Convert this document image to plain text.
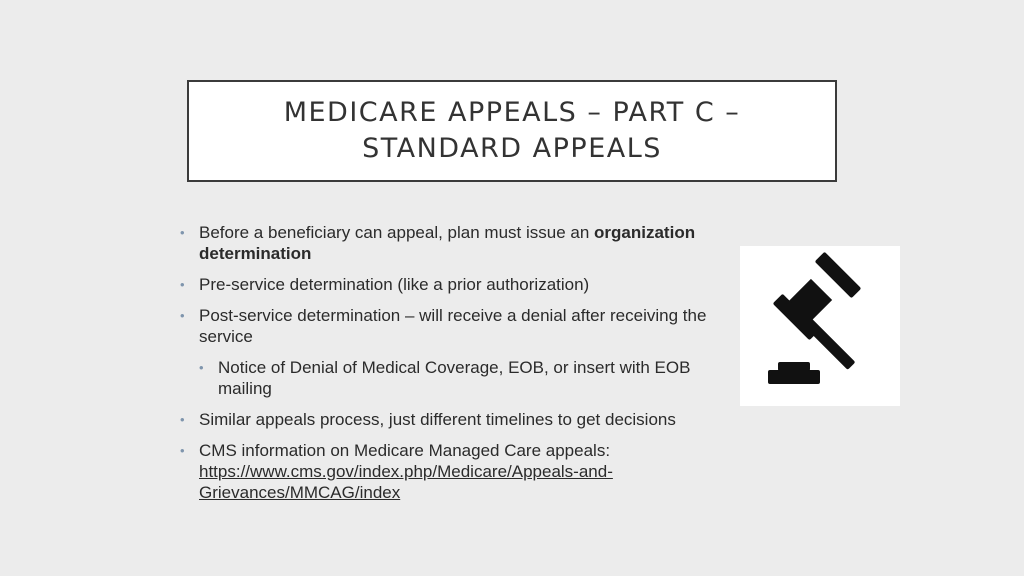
MEDICARE APPEALS – PART C –
STANDARD APPEALS
• Before a beneficiary can appeal, plan must issue an organization determination
• Pre-service determination (like a prior authorization)
• Post-service determination – will receive a denial after receiving the service
• Notice of Denial of Medical Coverage, EOB, or insert with EOB mailing
• Similar appeals process, just different timelines to get decisions
• CMS information on Medicare Managed Care appeals:
https://www.cms.gov/index.php/Medicare/Appeals-and-
Grievances/MMCAG/index
